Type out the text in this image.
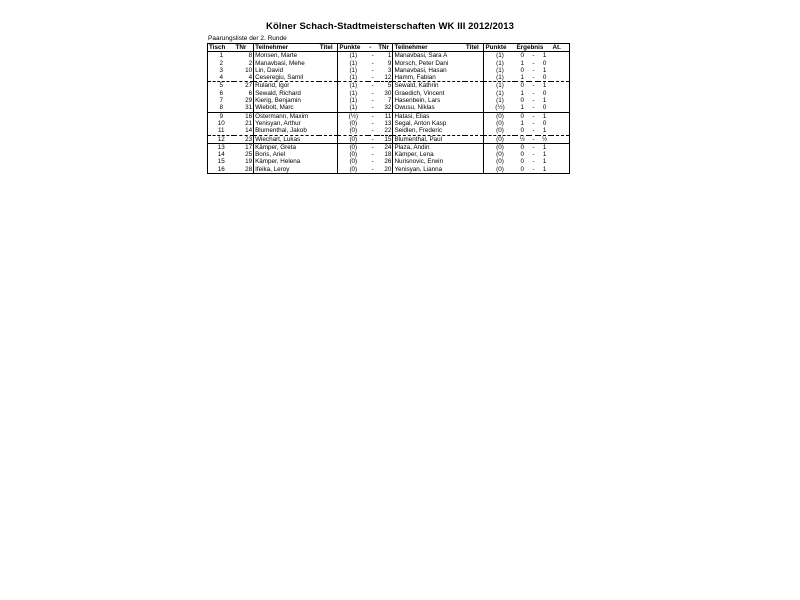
Kölner Schach-Stadtmeisterschaften WK III 2012/2013
Paarungsliste der 2. Runde
Tisch	TNr	Teilnehmer	Titel	Punkte	-	TNr	Teilnehmer	Titel	Punkte	Ergebnis			At.
1	8	Monsen, Marte		(1)	-	1	Manavbasi, Sara A		(1)	0	-	1	
2	2	Manavbasi, Mehe		(1)	-	9	Morsch, Peter Dani		(1)	1	-	0	
3	10	Lin, David		(1)	-	3	Manavbasi, Hasan		(1)	0	-	1	
4	4	Ceseregiu, Samil		(1)	-	12	Hamm, Fabian		(1)	1	-	0	
5	27	Ruland, Igor		(1)	-	5	Sewald, Kathrin		(1)	0	-	1	
6	6	Sewald, Richard		(1)	-	30	Graedich, Vincent		(1)	1	-	0	
7	29	Kierig, Benjamin		(1)	-	7	Hasenbein, Lars		(1)	0	-	1	
8	31	Wiebolt, Marc		(1)	-	32	Owusu, Niklas		(½)	1	-	0	
9	16	Ostermann, Maxim		(½)	-	11	Hatasi, Elias		(0)	0	-	1	
10	21	Yenisyan, Arthur		(0)	-	13	Segal, Anton Kasp		(0)	1	-	0	
11	14	Blumenthal, Jakob		(0)	-	22	Seidlen, Frederic		(0)	0	-	1	
12	23	Wiechart, Lukas		(0)	-	15	Blumenthal, Paul		(0)	½	-	½	
13	17	Kämper, Greta		(0)	-	24	Plaza, Andin		(0)	0	-	1	
14	25	Boris, Ariel		(0)	-	18	Kämper, Lena		(0)	0	-	1	
15	19	Kämper, Helena		(0)	-	26	Nurisnovic, Erwin		(0)	0	-	1	
16	28	Ifeika, Leroy		(0)	-	20	Yenisyan, Lianna		(0)	0	-	1	
